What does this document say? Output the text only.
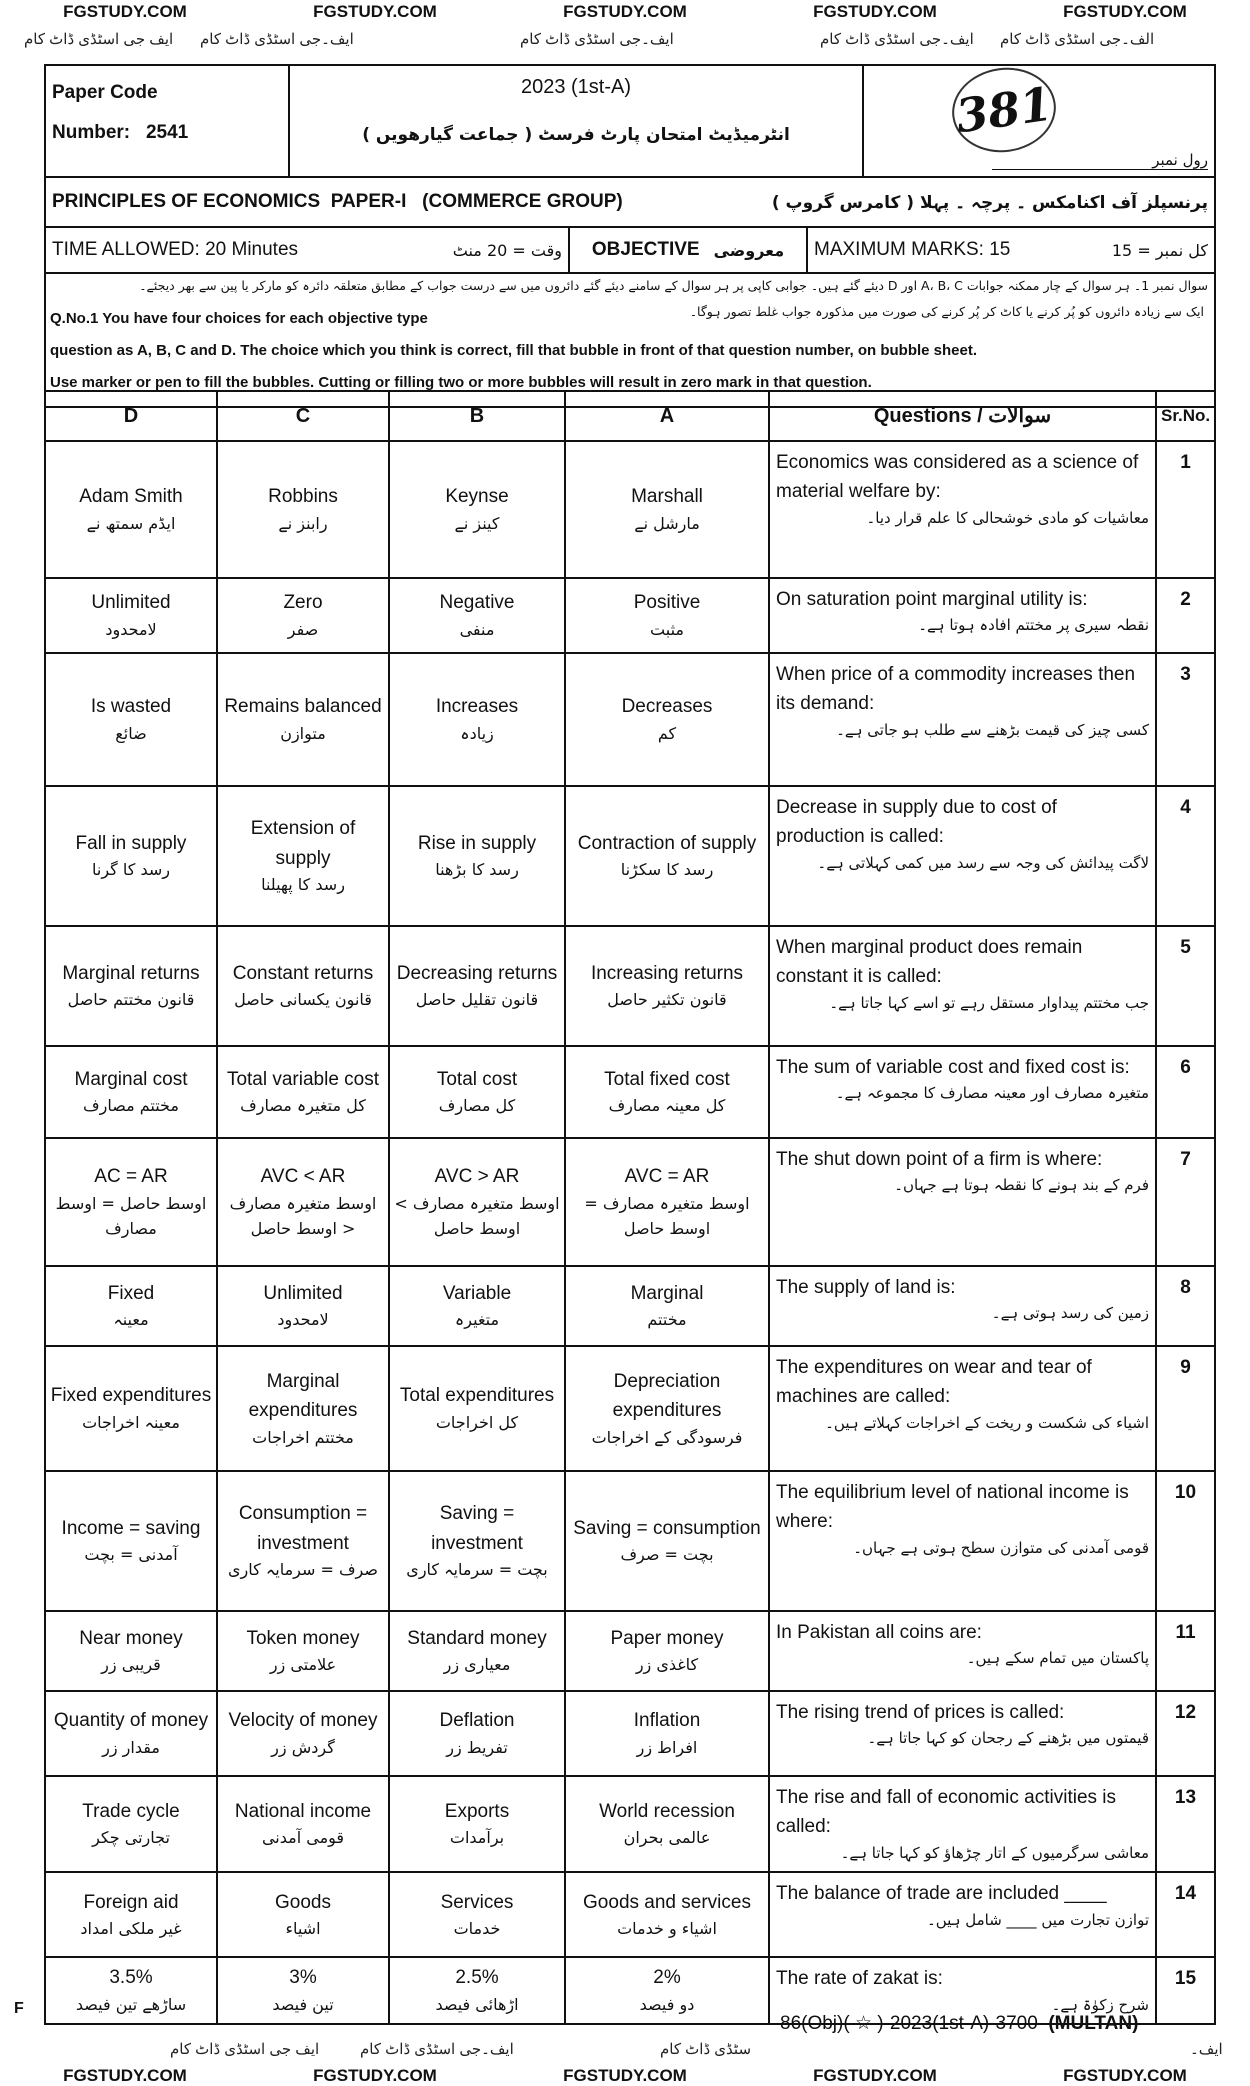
FGSTUDY.COM	FGSTUDY.COM	FGSTUDY.COM	FGSTUDY.COM	FGSTUDY.COM
ایف جی اسٹڈی ڈاٹ کام ایف۔جی اسٹڈی ڈاٹ کام	ایف۔جی اسٹڈی ڈاٹ کام	ایف۔جی اسٹڈی ڈاٹ کام الف۔جی اسٹڈی ڈاٹ کام
Paper Code
Number: 2541
2023 (1st-A)
انٹرمیڈیٹ امتحان پارٹ فرسٹ ( جماعت گیارھویں )
رول نمبر
PRINCIPLES OF ECONOMICS  PAPER-I   (COMMERCE GROUP)	پرنسپلز آف اکنامکس ۔ پرچہ ۔ پہلا ( کامرس گروپ )
TIME ALLOWED: 20 Minutes	وقت = 20 منٹ OBJECTIVE معروضی MAXIMUM MARKS: 15	کل نمبر = 15
سوال نمبر 1۔ ہر سوال کے چار ممکنہ جوابات A، B، C اور D دیئے گئے ہیں۔ جوابی کاپی پر ہر سوال کے سامنے دیئے گئے دائروں میں سے درست جواب کے مطابق متعلقہ دائرہ کو مارکر یا پین سے بھر دیجئے۔
ایک سے زیادہ دائروں کو پُر کرنے یا کاٹ کر پُر کرنے کی صورت میں مذکورہ جواب غلط تصور ہوگا۔
Q.No.1 You have four choices for each objective type
question as A, B, C and D. The choice which you think is correct, fill that bubble in front of that question number, on bubble sheet.
Use marker or pen to fill the bubbles. Cutting or filling two or more bubbles will result in zero mark in that question.
381
D	C	B	A	Questions / سوالات	Sr.No.

Adam Smith
ایڈم سمتھ نے	Robbins
رابنز نے	Keynse
کینز نے	Marshall
مارشل نے	Economics was considered as a science of material welfare by:
معاشیات کو مادی خوشحالی کا علم قرار دیا۔	1

Unlimited
لامحدود	Zero
صفر	Negative
منفی	Positive
مثبت	On saturation point marginal utility is:
نقطہ سیری پر مختتم افادہ ہوتا ہے۔	2

Is wasted
ضائع	Remains balanced
متوازن	Increases
زیادہ	Decreases
کم	When price of a commodity increases then its demand:
کسی چیز کی قیمت بڑھنے سے طلب ہو جاتی ہے۔	3

Fall in supply
رسد کا گرنا	Extension of supply
رسد کا پھیلنا	Rise in supply
رسد کا بڑھنا	Contraction of supply
رسد کا سکڑنا	Decrease in supply due to cost of production is called:
لاگت پیدائش کی وجہ سے رسد میں کمی کہلاتی ہے۔	4

Marginal returns
قانون مختتم حاصل	Constant returns
قانون یکسانی حاصل	Decreasing returns
قانون تقلیل حاصل	Increasing returns
قانون تکثیر حاصل	When marginal product does remain constant it is called:
جب مختتم پیداوار مستقل رہے تو اسے کہا جاتا ہے۔	5

Marginal cost
مختتم مصارف	Total variable cost
کل متغیرہ مصارف	Total cost
کل مصارف	Total fixed cost
کل معینہ مصارف	The sum of variable cost and fixed cost is:
متغیرہ مصارف اور معینہ مصارف کا مجموعہ ہے۔	6

AC = AR
اوسط حاصل = اوسط مصارف	AVC < AR
اوسط متغیرہ مصارف < اوسط حاصل	AVC > AR
اوسط متغیرہ مصارف > اوسط حاصل	AVC = AR
اوسط متغیرہ مصارف = اوسط حاصل	The shut down point of a firm is where:
فرم کے بند ہونے کا نقطہ ہوتا ہے جہاں۔	7

Fixed
معینہ	Unlimited
لامحدود	Variable
متغیرہ	Marginal
مختتم	The supply of land is:
زمین کی رسد ہوتی ہے۔	8

Fixed expenditures
معینہ اخراجات	Marginal expenditures
مختتم اخراجات	Total expenditures
کل اخراجات	Depreciation expenditures
فرسودگی کے اخراجات	The expenditures on wear and tear of machines are called:
اشیاء کی شکست و ریخت کے اخراجات کہلاتے ہیں۔	9

Income = saving
آمدنی = بچت	Consumption = investment
صرف = سرمایہ کاری	Saving = investment
بچت = سرمایہ کاری	Saving = consumption
بچت = صرف	The equilibrium level of national income is where:
قومی آمدنی کی متوازن سطح ہوتی ہے جہاں۔	10

Near money
قریبی زر	Token money
علامتی زر	Standard money
معیاری زر	Paper money
کاغذی زر	In Pakistan all coins are:
پاکستان میں تمام سکے ہیں۔	11

Quantity of money
مقدار زر	Velocity of money
گردش زر	Deflation
تفریط زر	Inflation
افراط زر	The rising trend of prices is called:
قیمتوں میں بڑھنے کے رجحان کو کہا جاتا ہے۔	12

Trade cycle
تجارتی چکر	National income
قومی آمدنی	Exports
برآمدات	World recession
عالمی بحران	The rise and fall of economic activities is called:
معاشی سرگرمیوں کے اتار چڑھاؤ کو کہا جاتا ہے۔	13

Foreign aid
غیر ملکی امداد	Goods
اشیاء	Services
خدمات	Goods and services
اشیاء و خدمات	The balance of trade are included ____
توازن تجارت میں ____ شامل ہیں۔	14

3.5%
ساڑھے تین فیصد	3%
تین فیصد	2.5%
اڑھائی فیصد	2%
دو فیصد	The rate of zakat is:
شرح زکوٰۃ ہے۔	15
F
86(Obj)( ☆ )-2023(1st-A)-3700 (MULTAN)
ایف جی اسٹڈی ڈاٹ کام	ایف۔جی اسٹڈی ڈاٹ کام	سٹڈی ڈاٹ کام	ایف۔
FGSTUDY.COM	FGSTUDY.COM	FGSTUDY.COM	FGSTUDY.COM	FGSTUDY.COM
